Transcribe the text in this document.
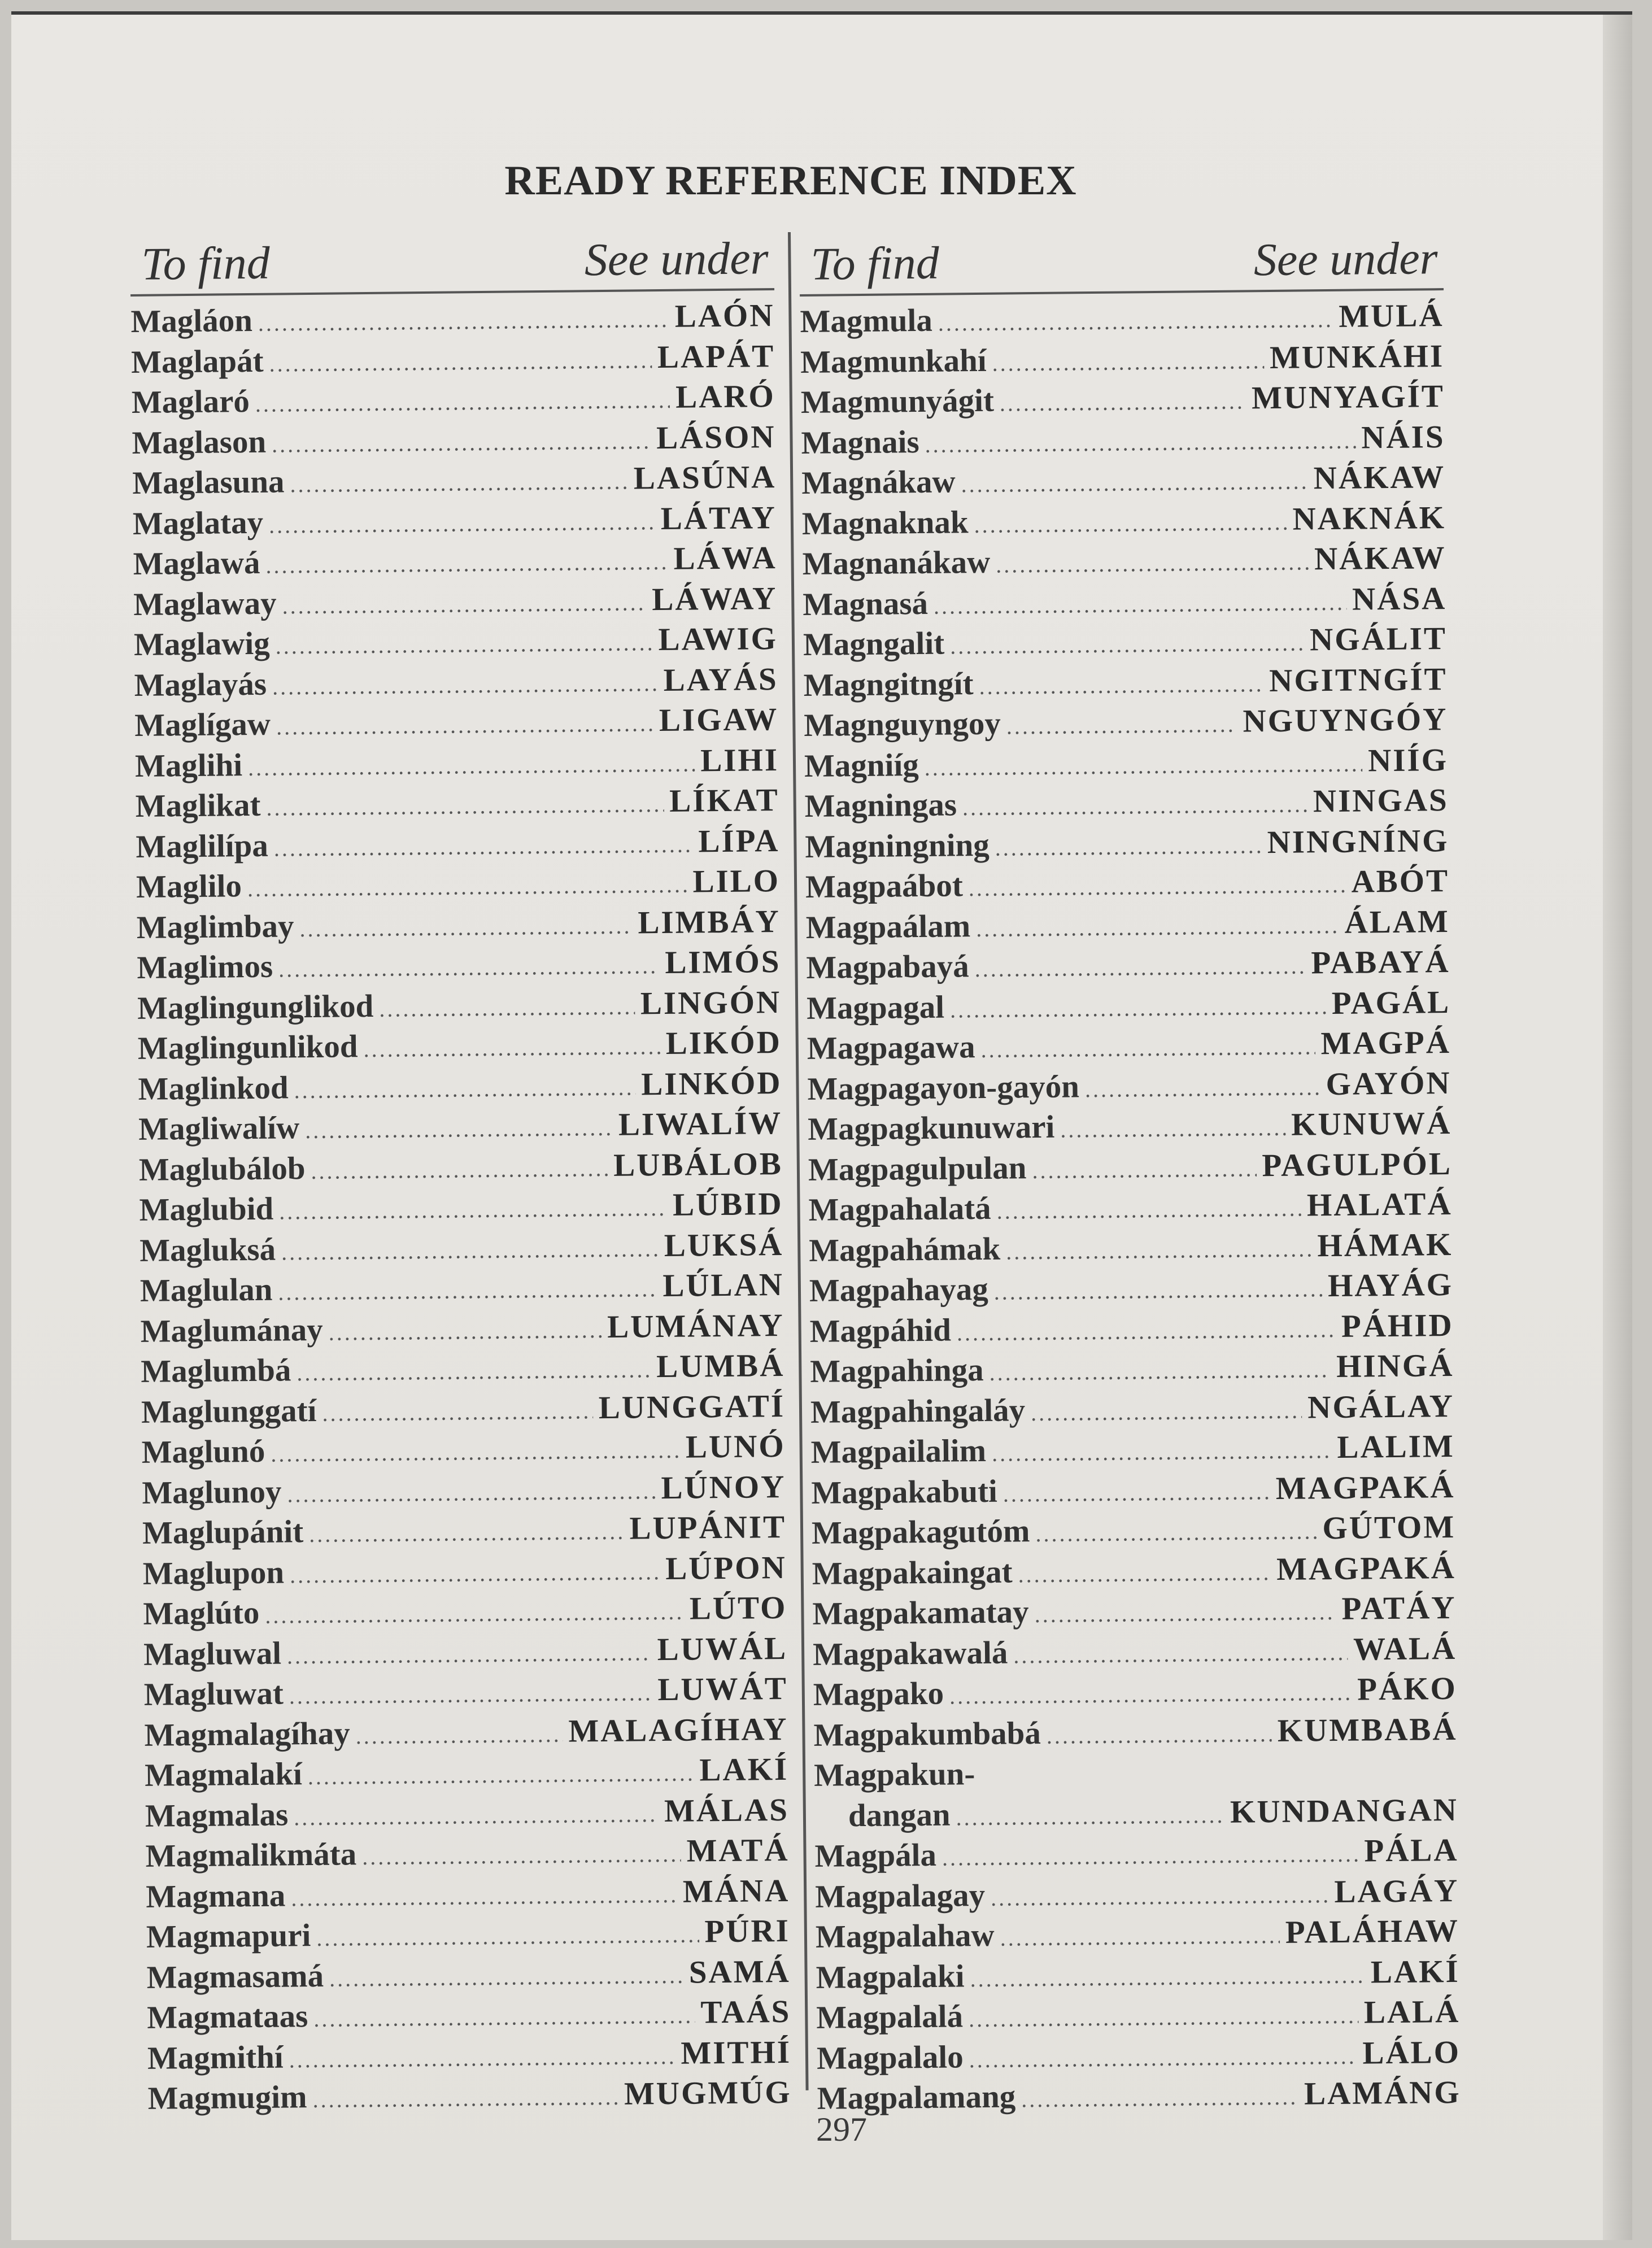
READY REFERENCE INDEX
To find	See under
Magláon .....	LAÓN
Maglapát .....	LAPÁT
Maglaró .....	LARÓ
Maglason .....	LÁSON
Maglasuna .....	LASÚNA
Maglatay .....	LÁTAY
Maglawá .....	LÁWA
Maglaway .....	LÁWAY
Maglawig .....	LAWIG
Maglayás .....	LAYÁS
Maglígaw .....	LIGAW
Maglihi .....	LIHI
Maglikat .....	LÍKAT
Maglilípa .....	LÍPA
Maglilo .....	LILO
Maglimbay .....	LIMBÁY
Maglimos .....	LIMÓS
Maglingunglikod .....	LINGÓN
Maglingunlikod .....	LIKÓD
Maglinkod .....	LINKÓD
Magliwalíw .....	LIWALÍW
Maglubálob .....	LUBÁLOB
Maglubid .....	LÚBID
Magluksá .....	LUKSÁ
Maglulan .....	LÚLAN
Maglumánay .....	LUMÁNAY
Maglumbá .....	LUMBÁ
Maglunggatí .....	LUNGGATÍ
Maglunó .....	LUNÓ
Maglunoy .....	LÚNOY
Maglupánit .....	LUPÁNIT
Maglupon .....	LÚPON
Maglúto .....	LÚTO
Magluwal .....	LUWÁL
Magluwat .....	LUWÁT
Magmalagíhay .....	MALAGÍHAY
Magmalakí .....	LAKÍ
Magmalas .....	MÁLAS
Magmalikmáta .....	MATÁ
Magmana .....	MÁNA
Magmapuri .....	PÚRI
Magmasamá .....	SAMÁ
Magmataas .....	TAÁS
Magmithí .....	MITHÍ
Magmugim .....	MUGMÚG
To find	See under
Magmula .....	MULÁ
Magmunkahí .....	MUNKÁHI
Magmunyágit .....	MUNYAGÍT
Magnais .....	NÁIS
Magnákaw .....	NÁKAW
Magnaknak .....	NAKNÁK
Magnanákaw .....	NÁKAW
Magnasá .....	NÁSA
Magngalit .....	NGÁLIT
Magngitngít .....	NGITNGÍT
Magnguyngoy .....	NGUYNGÓY
Magniíg .....	NIÍG
Magningas .....	NINGAS
Magningning .....	NINGNÍNG
Magpaábot .....	ABÓT
Magpaálam .....	ÁLAM
Magpabayá .....	PABAYÁ
Magpagal .....	PAGÁL
Magpagawa .....	MAGPÁ
Magpagayon-gayón .....	GAYÓN
Magpagkunuwari .....	KUNUWÁ
Magpagulpulan .....	PAGULPÓL
Magpahalatá .....	HALATÁ
Magpahámak .....	HÁMAK
Magpahayag .....	HAYÁG
Magpáhid .....	PÁHID
Magpahinga .....	HINGÁ
Magpahingaláy .....	NGÁLAY
Magpailalim .....	LALIM
Magpakabuti .....	MAGPAKÁ
Magpakagutóm .....	GÚTOM
Magpakaingat .....	MAGPAKÁ
Magpakamatay .....	PATÁY
Magpakawalá .....	WALÁ
Magpako .....	PÁKO
Magpakumbabá .....	KUMBABÁ
Magpakun-
dangan .....	KUNDANGAN
Magpála .....	PÁLA
Magpalagay .....	LAGÁY
Magpalahaw .....	PALÁHAW
Magpalaki .....	LAKÍ
Magpalalá .....	LALÁ
Magpalalo .....	LÁLO
Magpalamang .....	LAMÁNG
297
